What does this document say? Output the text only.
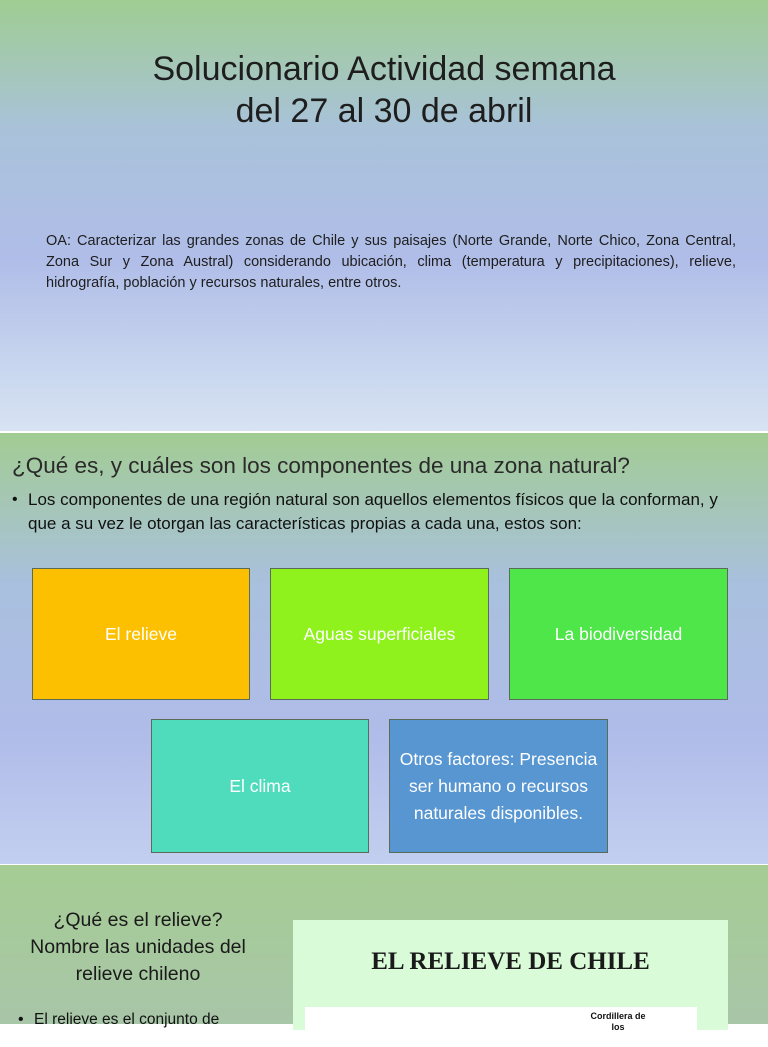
Solucionario Actividad semana
del 27 al 30 de abril

OA: Caracterizar las grandes zonas de Chile y sus paisajes (Norte Grande, Norte Chico, Zona Central, Zona Sur y Zona Austral) considerando ubicación, clima (temperatura y precipitaciones), relieve, hidrografía, población y recursos naturales, entre otros.

¿Qué es, y cuáles son los componentes de una zona natural?
• Los componentes de una región natural son aquellos elementos físicos que la conforman, y que a su vez le otorgan las características propias a cada una, estos son:
El relieve	Aguas superficiales	La biodiversidad
El clima
Otros factores: Presencia ser humano o recursos naturales disponibles.

¿Qué es el relieve? Nombre las unidades del relieve chileno

• El relieve es el conjunto de

EL RELIEVE DE CHILE

Cordillera de los
